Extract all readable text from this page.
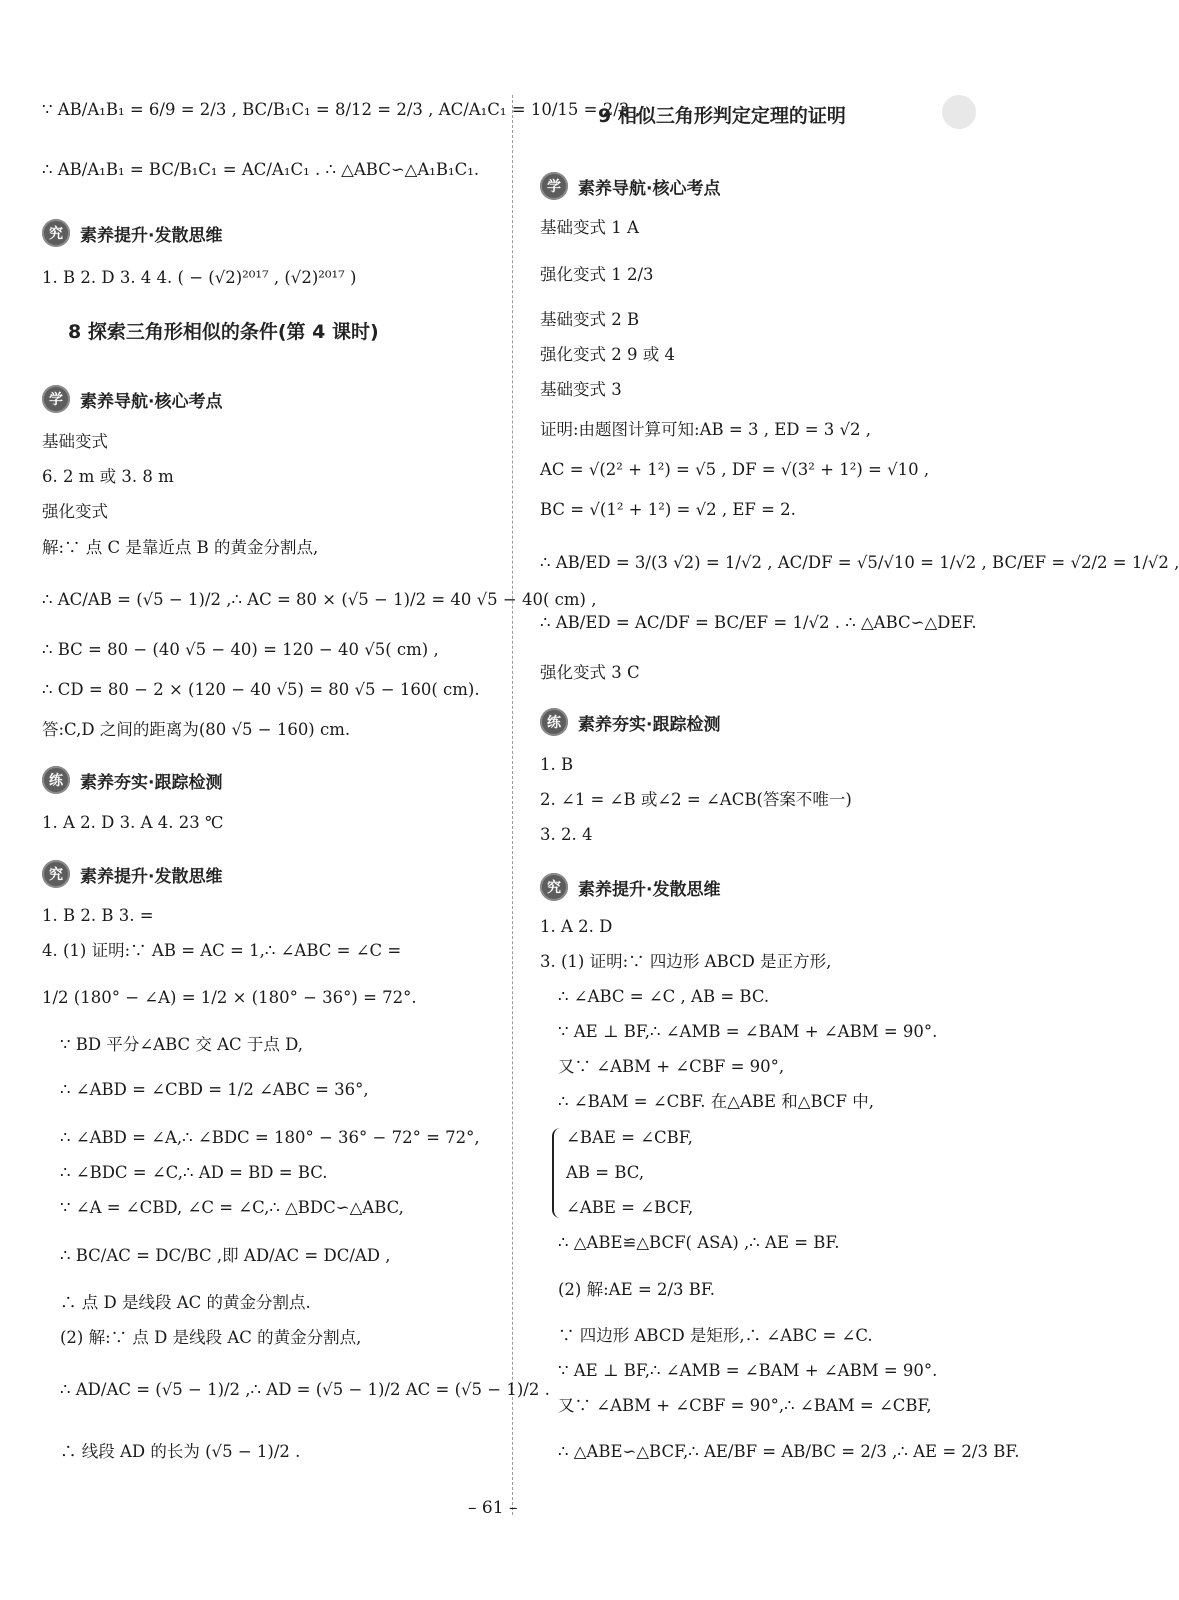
8 探索三角形相似的条件(第 4 课时)
究	素养提升·发散思维
学	素养导航·核心考点
练	素养夯实·跟踪检测
究	素养提升·发散思维
∵ AB/A₁B₁ = 6/9 = 2/3 , BC/B₁C₁ = 8/12 = 2/3 , AC/A₁C₁ = 10/15 = 2/3 ,
∴ AB/A₁B₁ = BC/B₁C₁ = AC/A₁C₁ . ∴ △ABC∽△A₁B₁C₁.
1. B 2. D 3. 4 4. ( − (√2)²⁰¹⁷ , (√2)²⁰¹⁷ )
基础变式
6. 2 m 或 3. 8 m
强化变式
解:∵ 点 C 是靠近点 B 的黄金分割点,
∴ AC/AB = (√5 − 1)/2 ,∴ AC = 80 × (√5 − 1)/2 = 40 √5 − 40( cm) ,
∴ BC = 80 − (40 √5 − 40) = 120 − 40 √5( cm) ,
∴ CD = 80 − 2 × (120 − 40 √5) = 80 √5 − 160( cm).
答:C,D 之间的距离为(80 √5 − 160) cm.
1. A 2. D 3. A 4. 23 ℃
1. B 2. B 3. =
4. (1) 证明:∵ AB = AC = 1,∴ ∠ABC = ∠C =
1/2 (180° − ∠A) = 1/2 × (180° − 36°) = 72°.
∵ BD 平分∠ABC 交 AC 于点 D,
∴ ∠ABD = ∠CBD = 1/2 ∠ABC = 36°,
∴ ∠ABD = ∠A,∴ ∠BDC = 180° − 36° − 72° = 72°,
∴ ∠BDC = ∠C,∴ AD = BD = BC.
∵ ∠A = ∠CBD, ∠C = ∠C,∴ △BDC∽△ABC,
∴ BC/AC = DC/BC ,即 AD/AC = DC/AD ,
∴ 点 D 是线段 AC 的黄金分割点.
(2) 解:∵ 点 D 是线段 AC 的黄金分割点,
∴ AD/AC = (√5 − 1)/2 ,∴ AD = (√5 − 1)/2 AC = (√5 − 1)/2 .
∴ 线段 AD 的长为 (√5 − 1)/2 .
9 相似三角形判定定理的证明
学	素养导航·核心考点
练	素养夯实·跟踪检测
究	素养提升·发散思维
基础变式 1 A
强化变式 1 2/3
基础变式 2 B
强化变式 2 9 或 4
基础变式 3
证明:由题图计算可知:AB = 3 , ED = 3 √2 ,
AC = √(2² + 1²) = √5 , DF = √(3² + 1²) = √10 ,
BC = √(1² + 1²) = √2 , EF = 2.
∴ AB/ED = 3/(3 √2) = 1/√2 , AC/DF = √5/√10 = 1/√2 , BC/EF = √2/2 = 1/√2 ,
∴ AB/ED = AC/DF = BC/EF = 1/√2 . ∴ △ABC∽△DEF.
强化变式 3 C
1. B
2. ∠1 = ∠B 或∠2 = ∠ACB(答案不唯一)
3. 2. 4
1. A 2. D
3. (1) 证明:∵ 四边形 ABCD 是正方形,
∴ ∠ABC = ∠C , AB = BC.
∵ AE ⊥ BF,∴ ∠AMB = ∠BAM + ∠ABM = 90°.
又∵ ∠ABM + ∠CBF = 90°,
∴ ∠BAM = ∠CBF. 在△ABE 和△BCF 中,
∠BAE = ∠CBF,
AB = BC,
∠ABE = ∠BCF,
∴ △ABE≌△BCF( ASA) ,∴ AE = BF.
(2) 解:AE = 2/3 BF.
∵ 四边形 ABCD 是矩形,∴ ∠ABC = ∠C.
∵ AE ⊥ BF,∴ ∠AMB = ∠BAM + ∠ABM = 90°.
又∵ ∠ABM + ∠CBF = 90°,∴ ∠BAM = ∠CBF,
∴ △ABE∽△BCF,∴ AE/BF = AB/BC = 2/3 ,∴ AE = 2/3 BF.
– 61 –
